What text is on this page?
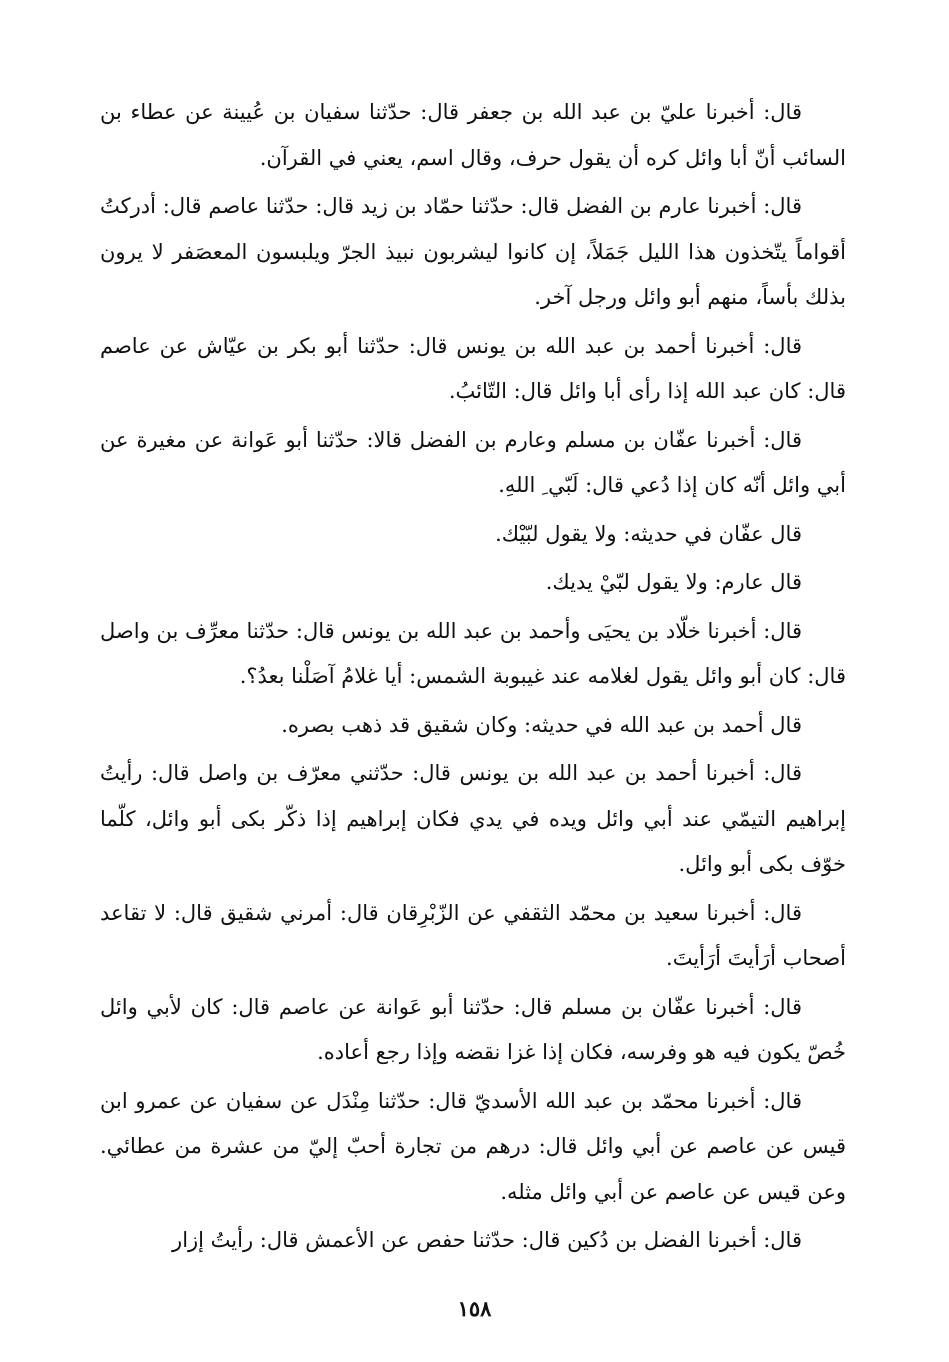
قال: أخبرنا عليّ بن عبد الله بن جعفر قال: حدّثنا سفيان بن عُيينة عن عطاء بن السائب أنّ أبا وائل كره أن يقول حرف، وقال اسم، يعني في القرآن.

قال: أخبرنا عارم بن الفضل قال: حدّثنا حمّاد بن زيد قال: حدّثنا عاصم قال: أدركتُ أقواماً يتّخذون هذا الليل جَمَلاً، إن كانوا ليشربون نبيذ الجرّ ويلبسون المعصَفر لا يرون بذلك بأساً، منهم أبو وائل ورجل آخر.

قال: أخبرنا أحمد بن عبد الله بن يونس قال: حدّثنا أبو بكر بن عيّاش عن عاصم قال: كان عبد الله إذا رأى أبا وائل قال: التّائبُ.

قال: أخبرنا عفّان بن مسلم وعارم بن الفضل قالا: حدّثنا أبو عَوانة عن مغيرة عن أبي وائل أنّه كان إذا دُعي قال: لَبّي ِ اللهِ.

قال عفّان في حديثه: ولا يقول لبّيْك.

قال عارم: ولا يقول لبّيْ يديك.

قال: أخبرنا خلّاد بن يحيَى وأحمد بن عبد الله بن يونس قال: حدّثنا معرِّف بن واصل قال: كان أبو وائل يقول لغلامه عند غيبوبة الشمس: أيا غلامُ آصَلْنا بعدُ؟.

قال أحمد بن عبد الله في حديثه: وكان شقيق قد ذهب بصره.

قال: أخبرنا أحمد بن عبد الله بن يونس قال: حدّثني معرّف بن واصل قال: رأيتُ إبراهيم التيمّي عند أبي وائل ويده في يدي فكان إبراهيم إذا ذكّر بكى أبو وائل، كلّما خوّف بكى أبو وائل.

قال: أخبرنا سعيد بن محمّد الثقفي عن الزّبْرِقان قال: أمرني شقيق قال: لا تقاعد أصحاب أرَأيتَ أرَأيتَ.

قال: أخبرنا عفّان بن مسلم قال: حدّثنا أبو عَوانة عن عاصم قال: كان لأبي وائل خُصّ يكون فيه هو وفرسه، فكان إذا غزا نقضه وإذا رجع أعاده.

قال: أخبرنا محمّد بن عبد الله الأسديّ قال: حدّثنا مِنْدَل عن سفيان عن عمرو ابن قيس عن عاصم عن أبي وائل قال: درهم من تجارة أحبّ إليّ من عشرة من عطائي. وعن قيس عن عاصم عن أبي وائل مثله.

قال: أخبرنا الفضل بن دُكين قال: حدّثنا حفص عن الأعمش قال: رأيتُ إزار

١٥٨
